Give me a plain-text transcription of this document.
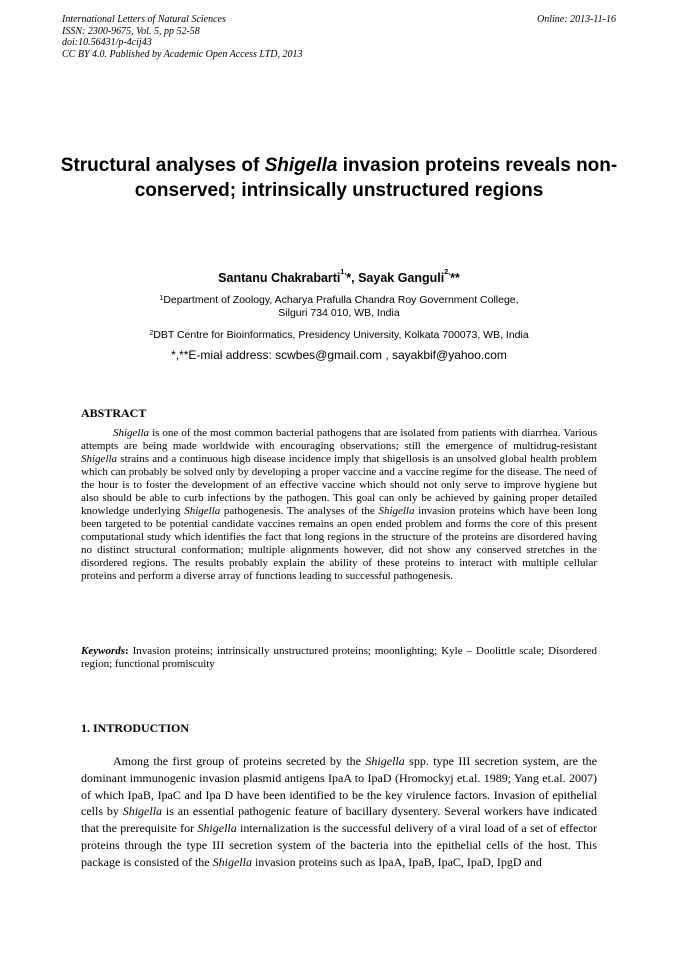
International Letters of Natural Sciences
ISSN: 2300-9675, Vol. 5, pp 52-58
doi:10.56431/p-4cij43
CC BY 4.0. Published by Academic Open Access LTD, 2013
Online: 2013-11-16
Structural analyses of Shigella invasion proteins reveals non-conserved; intrinsically unstructured regions
Santanu Chakrabarti$^{1,}$*, Sayak Ganguli$^{2,}$**
$^1$Department of Zoology, Acharya Prafulla Chandra Roy Government College,
Silguri 734 010, WB, India
$^2$DBT Centre for Bioinformatics, Presidency University, Kolkata 700073, WB, India
*,**E-mial address: scwbes@gmail.com , sayakbif@yahoo.com
ABSTRACT

Shigella is one of the most common bacterial pathogens that are isolated from patients with diarrhea. Various attempts are being made worldwide with encouraging observations; still the emergence of multidrug-resistant Shigella strains and a continuous high disease incidence imply that shigellosis is an unsolved global health problem which can probably be solved only by developing a proper vaccine and a vaccine regime for the disease. The need of the hour is to foster the development of an effective vaccine which should not only serve to improve hygiene but also should be able to curb infections by the pathogen. This goal can only be achieved by gaining proper detailed knowledge underlying Shigella pathogenesis. The analyses of the Shigella invasion proteins which have been long been targeted to be potential candidate vaccines remains an open ended problem and forms the core of this present computational study which identifies the fact that long regions in the structure of the proteins are disordered having no distinct structural conformation; multiple alignments however, did not show any conserved stretches in the disordered regions. The results probably explain the ability of these proteins to interact with multiple cellular proteins and perform a diverse array of functions leading to successful pathogenesis.

Keywords: Invasion proteins; intrinsically unstructured proteins; moonlighting; Kyle – Doolittle scale; Disordered region; functional promiscuity

1. INTRODUCTION

Among the first group of proteins secreted by the Shigella spp. type III secretion system, are the dominant immunogenic invasion plasmid antigens IpaA to IpaD (Hromockyj et.al. 1989; Yang et.al. 2007) of which IpaB, IpaC and Ipa D have been identified to be the key virulence factors. Invasion of epithelial cells by Shigella is an essential pathogenic feature of bacillary dysentery. Several workers have indicated that the prerequisite for Shigella internalization is the successful delivery of a viral load of a set of effector proteins through the type III secretion system of the bacteria into the epithelial cells of the host. This package is consisted of the Shigella invasion proteins such as IpaA, IpaB, IpaC, IpaD, IpgD and
